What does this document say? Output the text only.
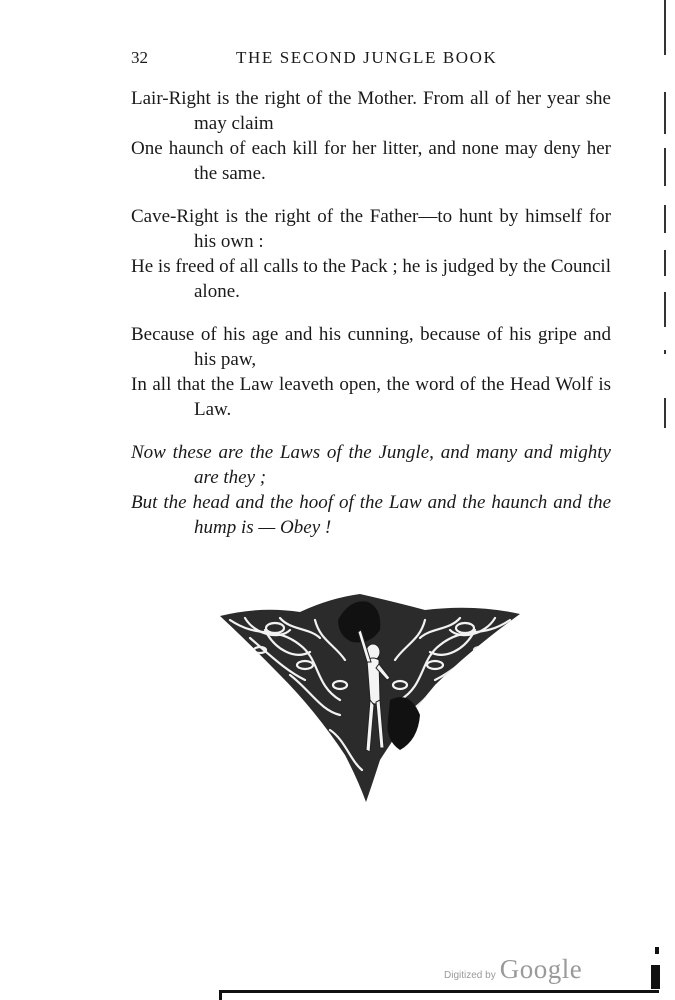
32	THE SECOND JUNGLE BOOK
Lair-Right is the right of the Mother. From all of her year she may claim
One haunch of each kill for her litter, and none may deny her the same.
Cave-Right is the right of the Father—to hunt by himself for his own :
He is freed of all calls to the Pack ; he is judged by the Council alone.
Because of his age and his cunning, because of his gripe and his paw,
In all that the Law leaveth open, the word of the Head Wolf is Law.
Now these are the Laws of the Jungle, and many and mighty are they ;
But the head and the hoof of the Law and the haunch and the hump is — Obey !
Digitized by Google
